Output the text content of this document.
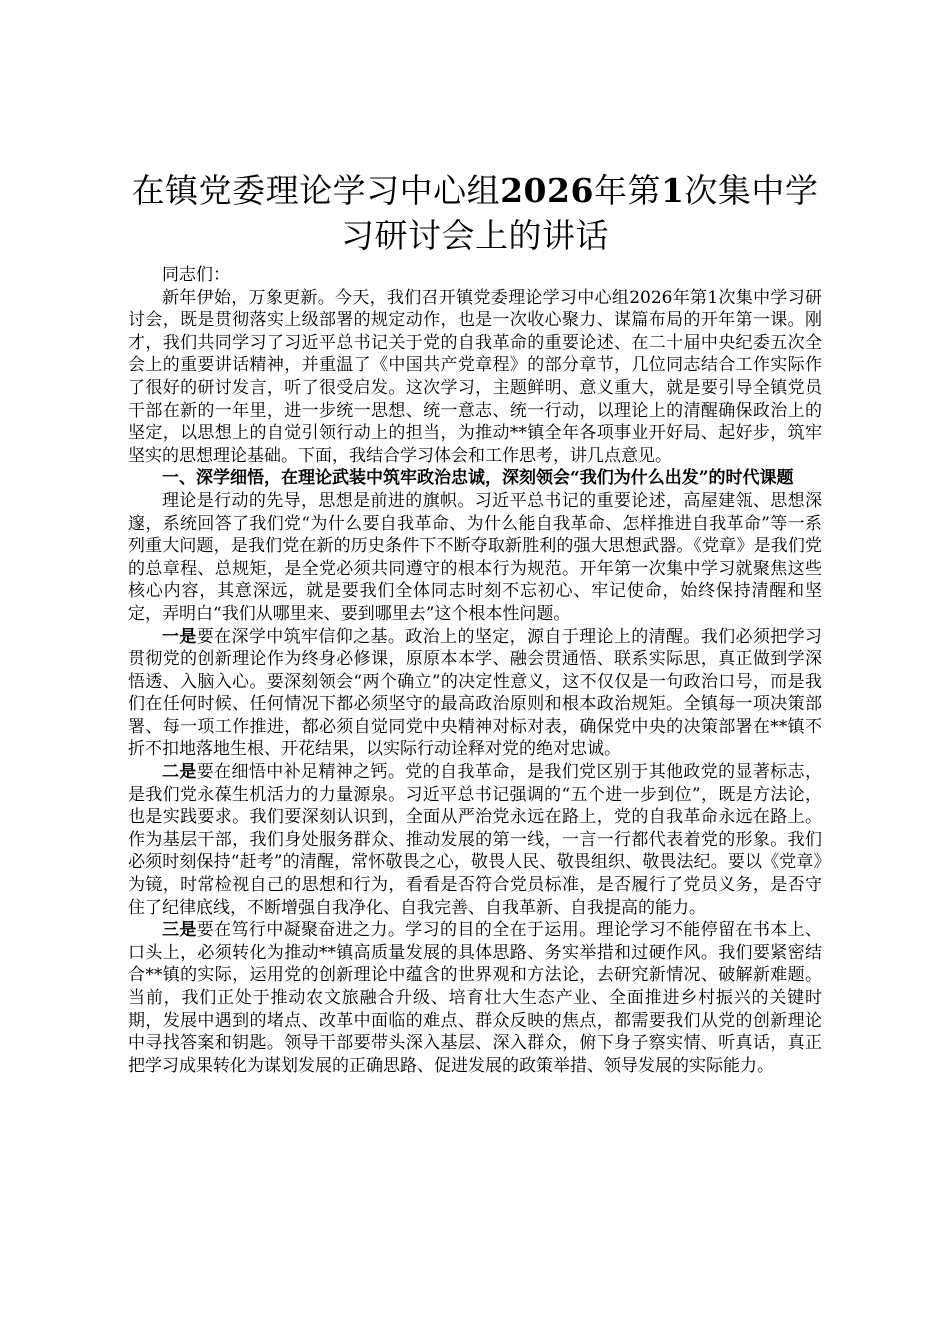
在镇党委理论学习中心组2026年第1次集中学习研讨会上的讲话

同志们：

新年伊始，万象更新。今天，我们召开镇党委理论学习中心组2026年第1次集中学习研讨会，既是贯彻落实上级部署的规定动作，也是一次收心聚力、谋篇布局的开年第一课。刚才，我们共同学习了习近平总书记关于党的自我革命的重要论述、在二十届中央纪委五次全会上的重要讲话精神，并重温了《中国共产党章程》的部分章节，几位同志结合工作实际作了很好的研讨发言，听了很受启发。这次学习，主题鲜明、意义重大，就是要引导全镇党员干部在新的一年里，进一步统一思想、统一意志、统一行动，以理论上的清醒确保政治上的坚定，以思想上的自觉引领行动上的担当，为推动**镇全年各项事业开好局、起好步，筑牢坚实的思想理论基础。下面，我结合学习体会和工作思考，讲几点意见。

一、深学细悟，在理论武装中筑牢政治忠诚，深刻领会“我们为什么出发”的时代课题

理论是行动的先导，思想是前进的旗帜。习近平总书记的重要论述，高屋建瓴、思想深邃，系统回答了我们党“为什么要自我革命、为什么能自我革命、怎样推进自我革命”等一系列重大问题，是我们党在新的历史条件下不断夺取新胜利的强大思想武器。《党章》是我们党的总章程、总规矩，是全党必须共同遵守的根本行为规范。开年第一次集中学习就聚焦这些核心内容，其意深远，就是要我们全体同志时刻不忘初心、牢记使命，始终保持清醒和坚定，弄明白“我们从哪里来、要到哪里去”这个根本性问题。

一是要在深学中筑牢信仰之基。政治上的坚定，源自于理论上的清醒。我们必须把学习贯彻党的创新理论作为终身必修课，原原本本学、融会贯通悟、联系实际思，真正做到学深悟透、入脑入心。要深刻领会“两个确立”的决定性意义，这不仅仅是一句政治口号，而是我们在任何时候、任何情况下都必须坚守的最高政治原则和根本政治规矩。全镇每一项决策部署、每一项工作推进，都必须自觉同党中央精神对标对表，确保党中央的决策部署在**镇不折不扣地落地生根、开花结果，以实际行动诠释对党的绝对忠诚。

二是要在细悟中补足精神之钙。党的自我革命，是我们党区别于其他政党的显著标志，是我们党永葆生机活力的力量源泉。习近平总书记强调的“五个进一步到位”，既是方法论，也是实践要求。我们要深刻认识到，全面从严治党永远在路上，党的自我革命永远在路上。作为基层干部，我们身处服务群众、推动发展的第一线，一言一行都代表着党的形象。我们必须时刻保持“赶考”的清醒，常怀敬畏之心，敬畏人民、敬畏组织、敬畏法纪。要以《党章》为镜，时常检视自己的思想和行为，看看是否符合党员标准，是否履行了党员义务，是否守住了纪律底线，不断增强自我净化、自我完善、自我革新、自我提高的能力。

三是要在笃行中凝聚奋进之力。学习的目的全在于运用。理论学习不能停留在书本上、口头上，必须转化为推动**镇高质量发展的具体思路、务实举措和过硬作风。我们要紧密结合**镇的实际，运用党的创新理论中蕴含的世界观和方法论，去研究新情况、破解新难题。当前，我们正处于推动农文旅融合升级、培育壮大生态产业、全面推进乡村振兴的关键时期，发展中遇到的堵点、改革中面临的难点、群众反映的焦点，都需要我们从党的创新理论中寻找答案和钥匙。领导干部要带头深入基层、深入群众，俯下身子察实情、听真话，真正把学习成果转化为谋划发展的正确思路、促进发展的政策举措、领导发展的实际能力。
